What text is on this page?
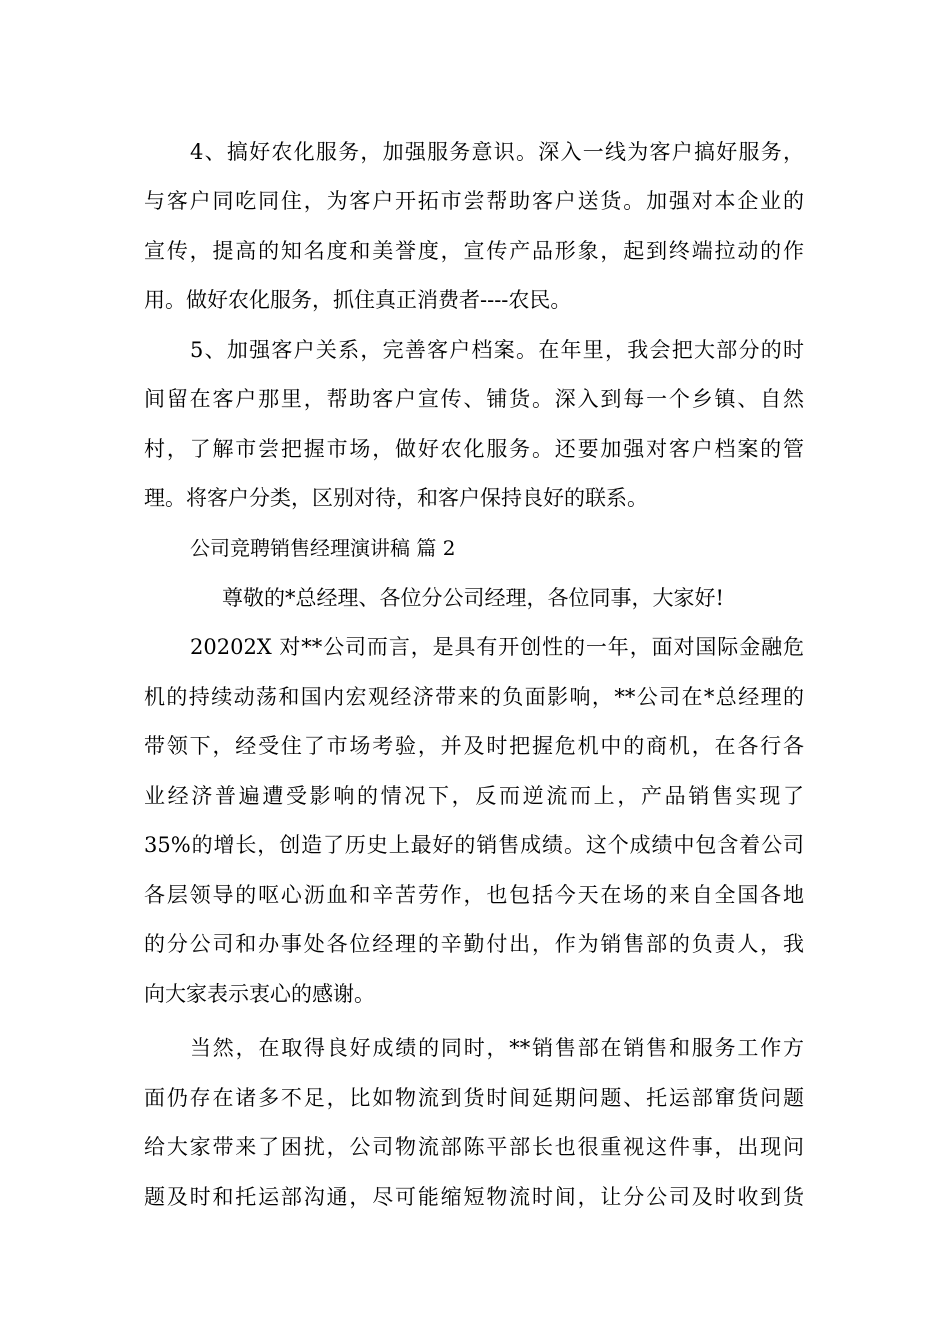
4、搞好农化服务，加强服务意识。深入一线为客户搞好服务，
与客户同吃同住，为客户开拓市尝帮助客户送货。加强对本企业的
宣传，提高的知名度和美誉度，宣传产品形象，起到终端拉动的作
用。做好农化服务，抓住真正消费者----农民。
5、加强客户关系，完善客户档案。在年里，我会把大部分的时
间留在客户那里，帮助客户宣传、铺货。深入到每一个乡镇、自然
村，了解市尝把握市场，做好农化服务。还要加强对客户档案的管
理。将客户分类，区别对待，和客户保持良好的联系。
公司竞聘销售经理演讲稿 篇 2
尊敬的*总经理、各位分公司经理，各位同事，大家好!
20202X 对**公司而言，是具有开创性的一年，面对国际金融危
机的持续动荡和国内宏观经济带来的负面影响，**公司在*总经理的
带领下，经受住了市场考验，并及时把握危机中的商机，在各行各
业经济普遍遭受影响的情况下，反而逆流而上，产品销售实现了
35%的增长，创造了历史上最好的销售成绩。这个成绩中包含着公司
各层领导的呕心沥血和辛苦劳作，也包括今天在场的来自全国各地
的分公司和办事处各位经理的辛勤付出，作为销售部的负责人，我
向大家表示衷心的感谢。
当然，在取得良好成绩的同时，**销售部在销售和服务工作方
面仍存在诸多不足，比如物流到货时间延期问题、托运部窜货问题
给大家带来了困扰，公司物流部陈平部长也很重视这件事，出现问
题及时和托运部沟通，尽可能缩短物流时间，让分公司及时收到货
